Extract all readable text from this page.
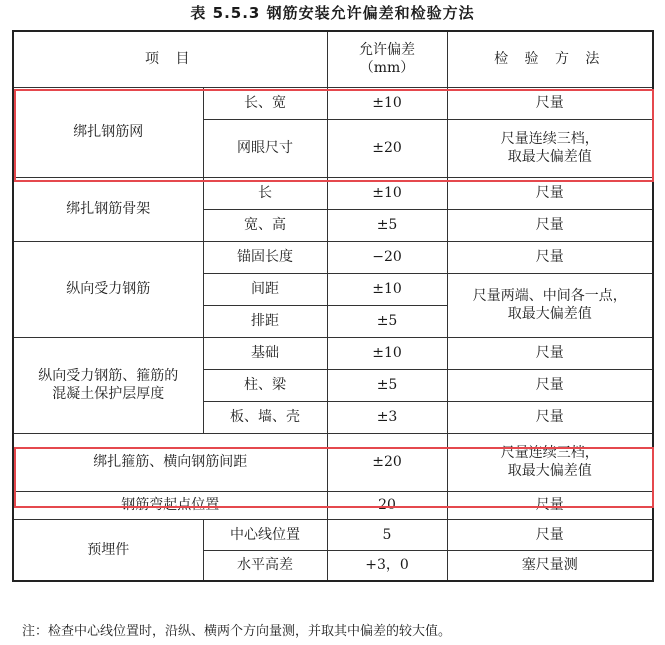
表 5.5.3 钢筋安装允许偏差和检验方法
项 目		允许偏差
（mm）	检 验 方 法
绑扎钢筋网	长、宽	±10	尺量
	网眼尺寸	±20	尺量连续三档，
取最大偏差值

绑扎钢筋骨架	长	±10	尺量
	宽、高	±5	尺量
纵向受力钢筋	锚固长度	−20	尺量
	间距	±10	尺量两端、中间各一点，
取最大偏差值

	排距	±5	

纵向受力钢筋、箍筋的
混凝土保护层厚度	基础	±10	尺量
	柱、梁	±5	尺量
	板、墙、壳	±3	尺量
绑扎箍筋、横向钢筋间距		±20	尺量连续三档，
取最大偏差值

钢筋弯起点位置		20	尺量
预埋件	中心线位置	5	尺量
	水平高差	+3，0	塞尺量测
注：检查中心线位置时，沿纵、横两个方向量测，并取其中偏差的较大值。
